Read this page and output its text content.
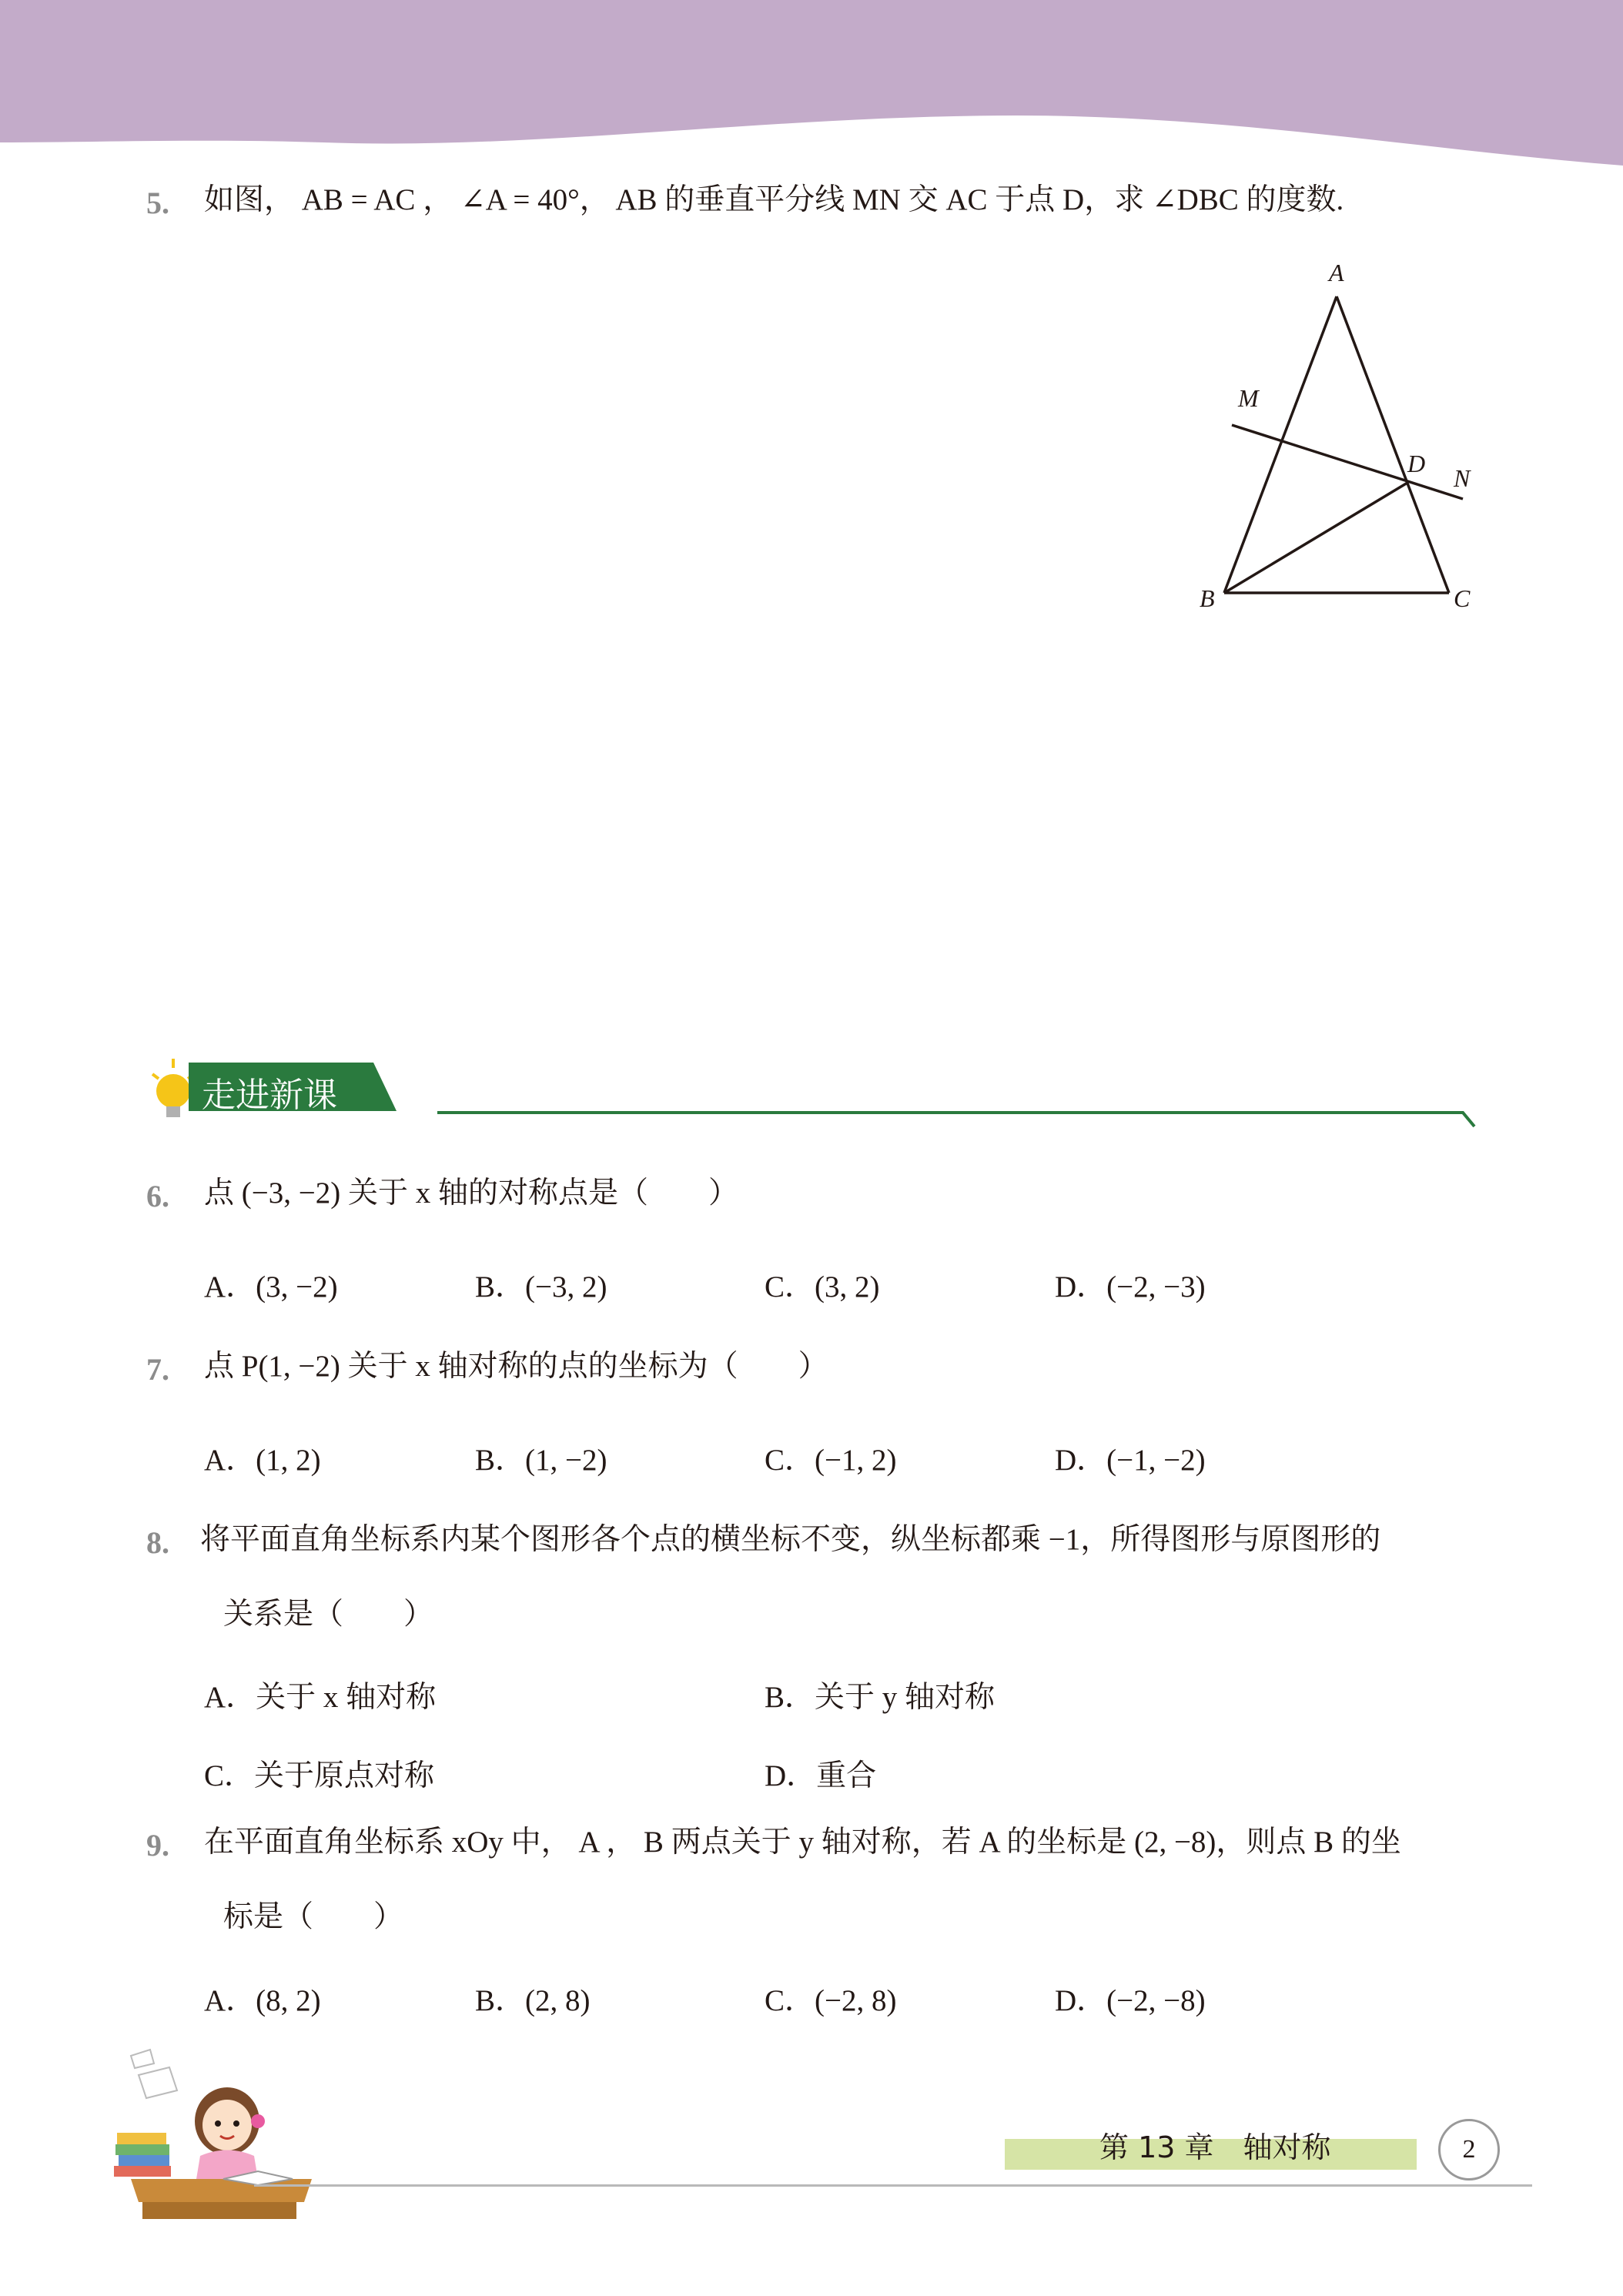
5. 如图， AB = AC ， ∠A = 40°， AB 的垂直平分线 MN 交 AC 于点 D，求 ∠DBC 的度数.
A
M
D
N
B	C
走进新课
6. 点 (−3, −2) 关于 x 轴的对称点是（　　）
A．(3, −2)	B．(−3, 2)	C．(3, 2)	D．(−2, −3)
7. 点 P(1, −2) 关于 x 轴对称的点的坐标为（　　）
A．(1, 2)	B．(1, −2)	C．(−1, 2)	D．(−1, −2)
8. 将平面直角坐标系内某个图形各个点的横坐标不变，纵坐标都乘 −1，所得图形与原图形的
关系是（　　）
A．关于 x 轴对称	B．关于 y 轴对称
C．关于原点对称	D．重合
9. 在平面直角坐标系 xOy 中， A ， B 两点关于 y 轴对称，若 A 的坐标是 (2, −8)，则点 B 的坐
标是（　　）
A．(8, 2)	B．(2, 8)	C．(−2, 8)	D．(−2, −8)
第 13 章　轴对称	2
